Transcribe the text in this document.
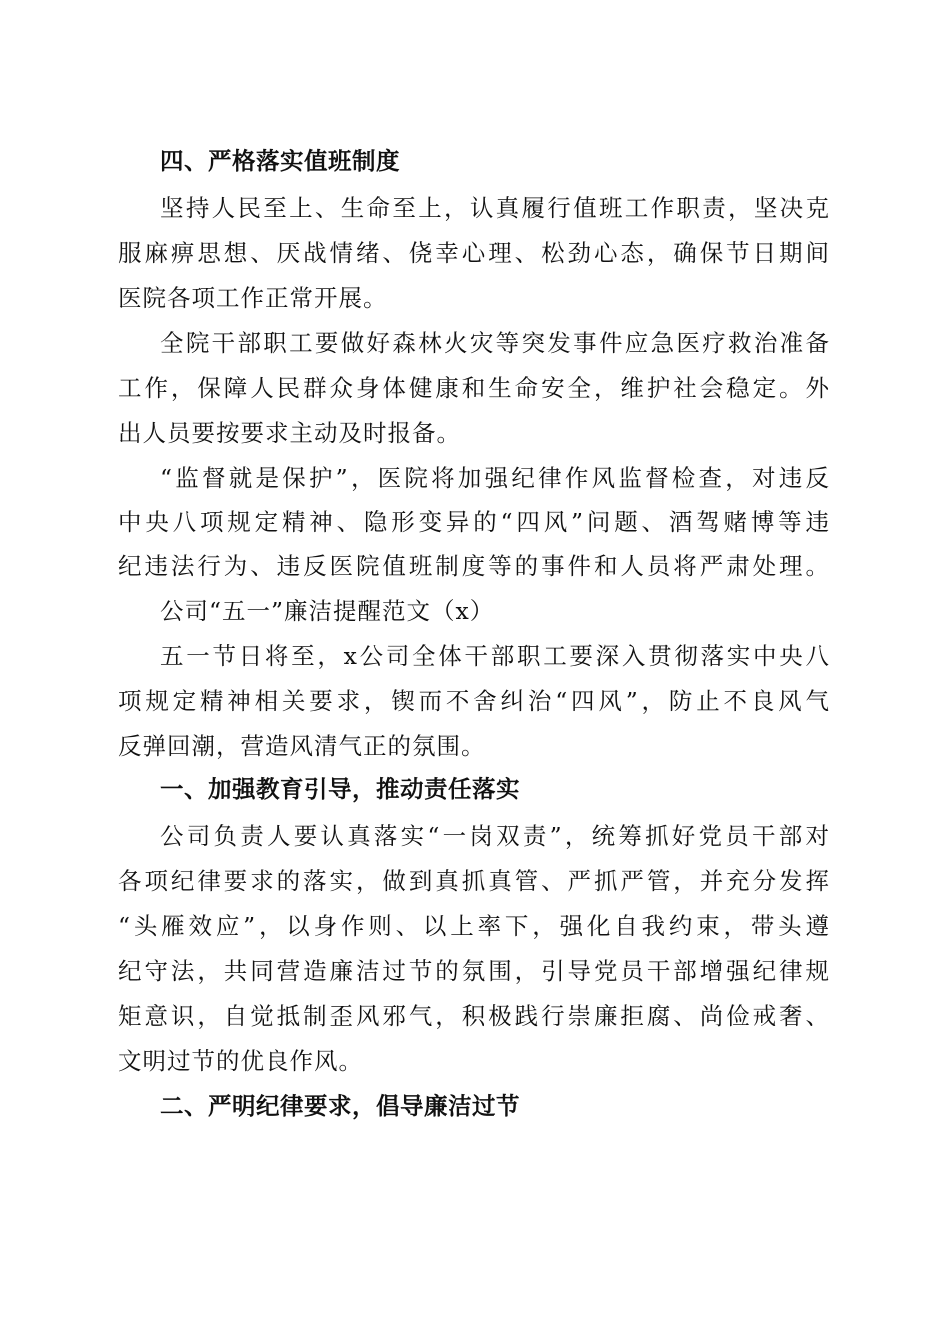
四、严格落实值班制度
坚持人民至上、生命至上，认真履行值班工作职责，坚决克
服麻痹思想、厌战情绪、侥幸心理、松劲心态，确保节日期间
医院各项工作正常开展。
全院干部职工要做好森林火灾等突发事件应急医疗救治准备
工作，保障人民群众身体健康和生命安全，维护社会稳定。外
出人员要按要求主动及时报备。
“监督就是保护”，医院将加强纪律作风监督检查，对违反
中央八项规定精神、隐形变异的“四风”问题、酒驾赌博等违
纪违法行为、违反医院值班制度等的事件和人员将严肃处理。
公司“五一”廉洁提醒范文（x）
五一节日将至，x公司全体干部职工要深入贯彻落实中央八
项规定精神相关要求，锲而不舍纠治“四风”，防止不良风气
反弹回潮，营造风清气正的氛围。
一、加强教育引导，推动责任落实
公司负责人要认真落实“一岗双责”，统筹抓好党员干部对
各项纪律要求的落实，做到真抓真管、严抓严管，并充分发挥
“头雁效应”，以身作则、以上率下，强化自我约束，带头遵
纪守法，共同营造廉洁过节的氛围，引导党员干部增强纪律规
矩意识，自觉抵制歪风邪气，积极践行崇廉拒腐、尚俭戒奢、
文明过节的优良作风。
二、严明纪律要求，倡导廉洁过节
